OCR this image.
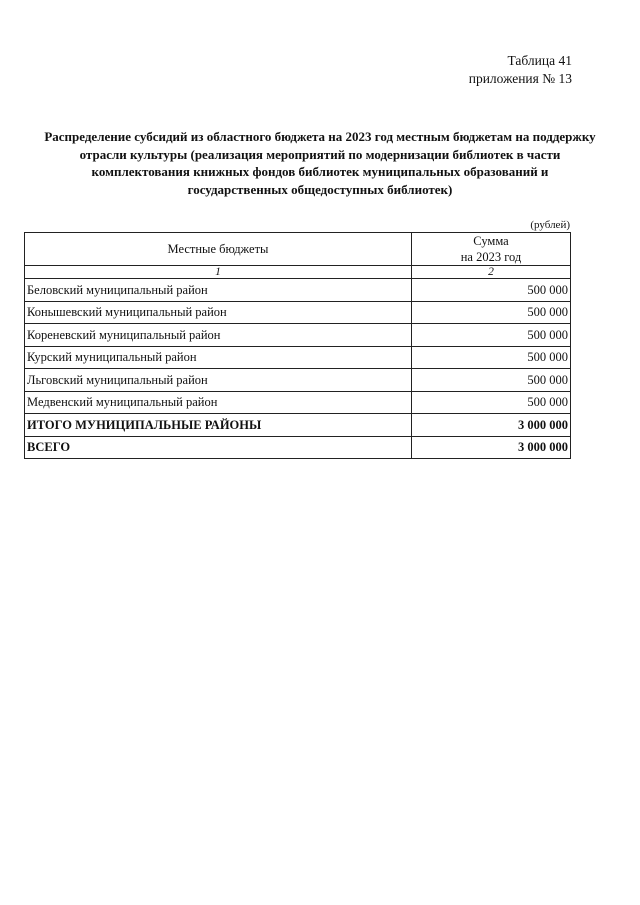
Таблица 41
приложения № 13
Распределение субсидий из областного бюджета на 2023 год местным бюджетам на поддержку отрасли культуры (реализация мероприятий по модернизации библиотек в части комплектования книжных фондов библиотек муниципальных образований и государственных общедоступных библиотек)
(рублей)
Местные бюджеты	Сумма
на 2023 год

1	2
Беловский муниципальный район	500 000
Конышевский муниципальный район	500 000
Кореневский муниципальный район	500 000
Курский муниципальный район	500 000
Льговский муниципальный район	500 000
Медвенский муниципальный район	500 000
ИТОГО МУНИЦИПАЛЬНЫЕ РАЙОНЫ	3 000 000
ВСЕГО	3 000 000
